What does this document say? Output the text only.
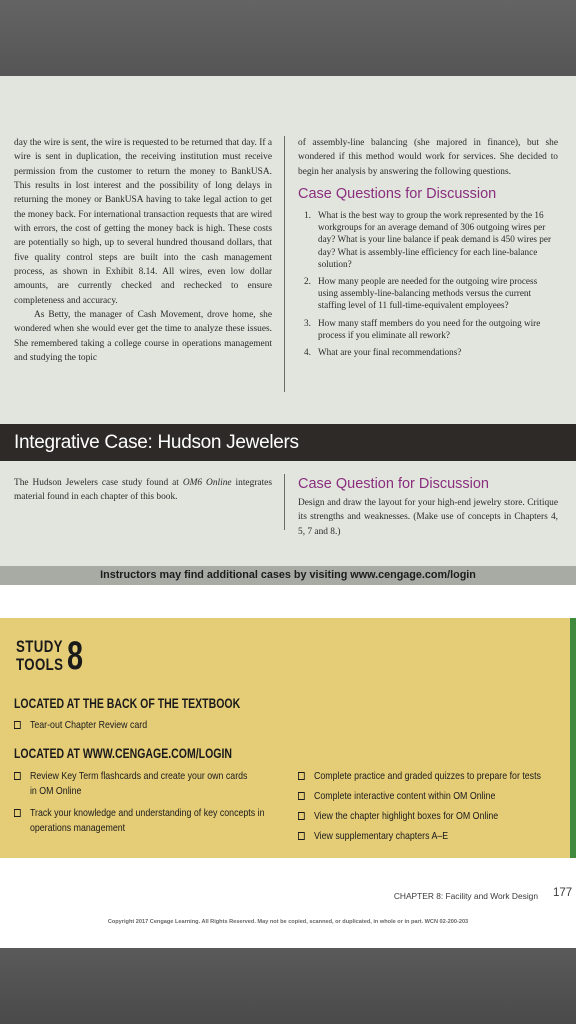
day the wire is sent, the wire is requested to be returned that day. If a wire is sent in duplication, the receiving institution must receive permission from the customer to return the money to BankUSA. This results in lost interest and the possibility of long delays in returning the money or BankUSA having to take legal action to get the money back. For international transaction requests that are wired with errors, the cost of getting the money back is high. These costs are potentially so high, up to several hundred thousand dollars, that five quality control steps are built into the cash management process, as shown in Exhibit 8.14. All wires, even low dollar amounts, are currently checked and rechecked to ensure completeness and accuracy.

As Betty, the manager of Cash Movement, drove home, she wondered when she would ever get the time to analyze these issues. She remembered taking a college course in operations management and studying the topic

of assembly-line balancing (she majored in finance), but she wondered if this method would work for services. She decided to begin her analysis by answering the following questions.

Case Questions for Discussion
1. What is the best way to group the work represented by the 16 workgroups for an average demand of 306 outgoing wires per day? What is your line balance if peak demand is 450 wires per day? What is assembly-line efficiency for each line-balance solution?
2. How many people are needed for the outgoing wire process using assembly-line-balancing methods versus the current staffing level of 11 full-time-equivalent employees?
3. How many staff members do you need for the outgoing wire process if you eliminate all rework?
4. What are your final recommendations?
Integrative Case: Hudson Jewelers

The Hudson Jewelers case study found at OM6 Online integrates material found in each chapter of this book.

Case Question for Discussion

Design and draw the layout for your high-end jewelry store. Critique its strengths and weaknesses. (Make use of concepts in Chapters 4, 5, 7 and 8.)

Instructors may find additional cases by visiting www.cengage.com/login
STUDY
TOOLS 8
LOCATED AT THE BACK OF THE TEXTBOOK
Tear-out Chapter Review card
LOCATED AT WWW.CENGAGE.COM/LOGIN
Review Key Term flashcards and create your own cards in OM Online
Track your knowledge and understanding of key concepts in operations management
Complete practice and graded quizzes to prepare for tests
Complete interactive content within OM Online
View the chapter highlight boxes for OM Online
View supplementary chapters A–E
CHAPTER 8: Facility and Work Design 177
Copyright 2017 Cengage Learning. All Rights Reserved. May not be copied, scanned, or duplicated, in whole or in part. WCN 02-200-203
